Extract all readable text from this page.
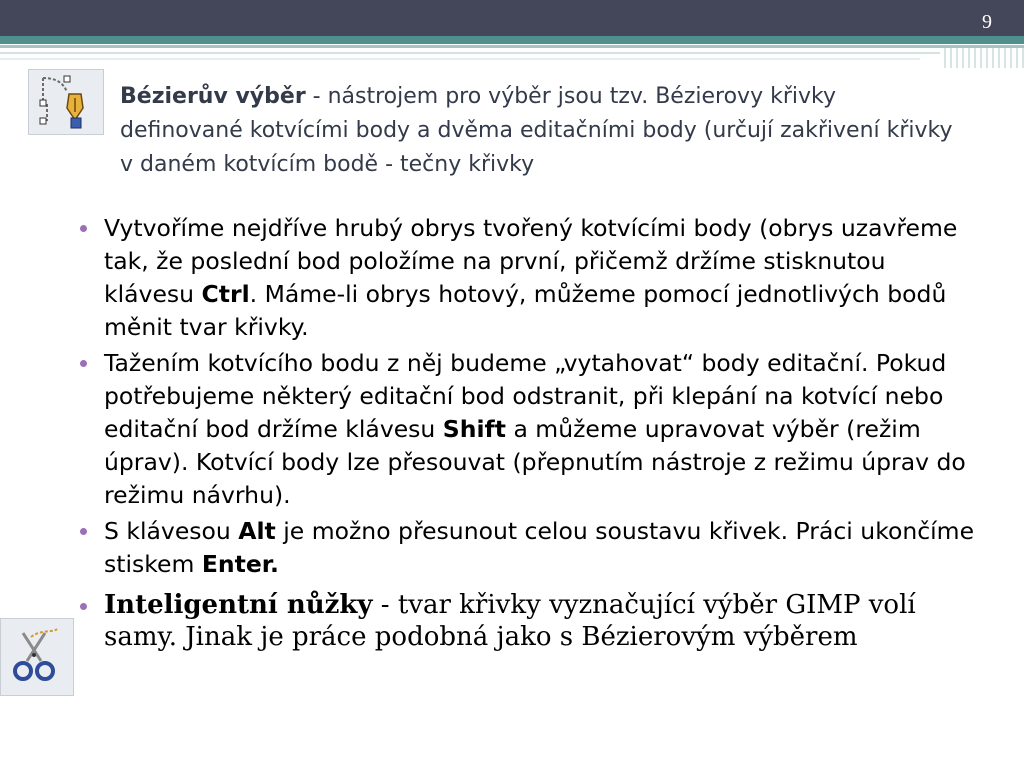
9
Bézierův výběr - nástrojem pro výběr jsou tzv. Bézierovy křivky definované kotvícími body a dvěma editačními body (určují zakřivení křivky v daném kotvícím bodě - tečny křivky
Vytvoříme nejdříve hrubý obrys tvořený kotvícími body (obrys uzavřeme tak, že poslední bod položíme na první, přičemž držíme stisknutou klávesu Ctrl. Máme-li obrys hotový, můžeme pomocí jednotlivých bodů měnit tvar křivky.
Tažením kotvícího bodu z něj budeme „vytahovat“ body editační. Pokud potřebujeme některý editační bod odstranit, při klepání na kotvící nebo editační bod držíme klávesu Shift a můžeme upravovat výběr (režim úprav). Kotvící body lze přesouvat (přepnutím nástroje z režimu úprav do režimu návrhu).
S klávesou Alt je možno přesunout celou soustavu křivek. Práci ukončíme stiskem Enter.
Inteligentní nůžky - tvar křivky vyznačující výběr GIMP volí samy. Jinak je práce podobná jako s Bézierovým výběrem
